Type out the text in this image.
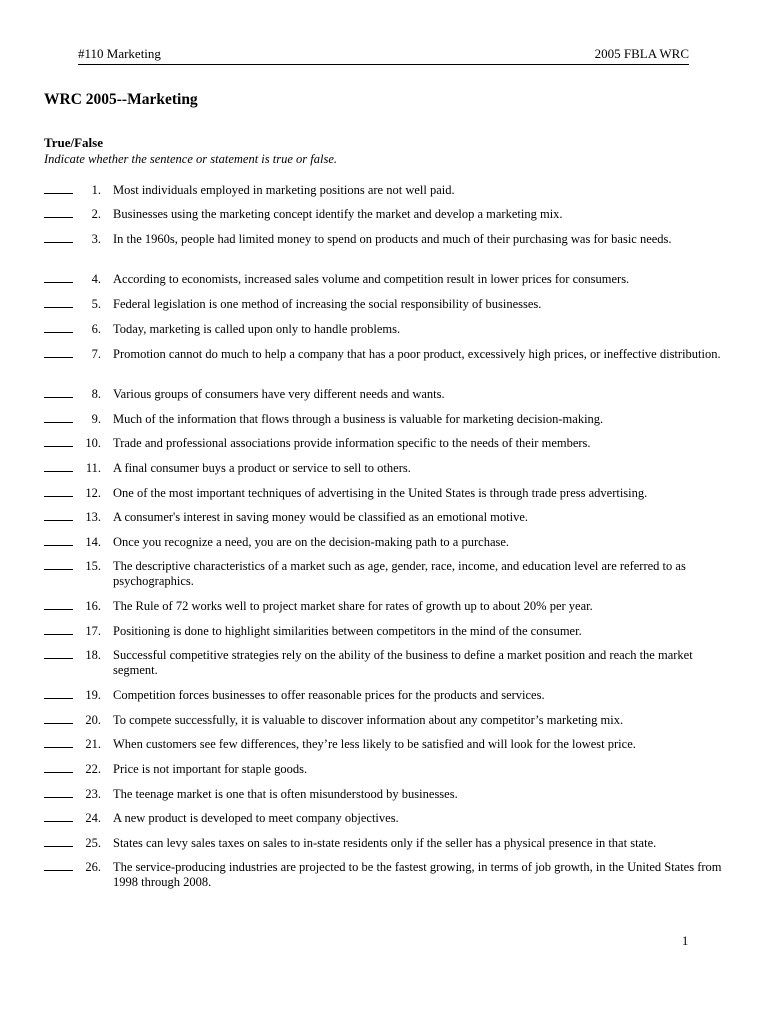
#110 Marketing	2005 FBLA WRC
WRC 2005--Marketing
True/False
Indicate whether the sentence or statement is true or false.
1. Most individuals employed in marketing positions are not well paid.
2. Businesses using the marketing concept identify the market and develop a marketing mix.
3. In the 1960s, people had limited money to spend on products and much of their purchasing was for basic needs.
4. According to economists, increased sales volume and competition result in lower prices for consumers.
5. Federal legislation is one method of increasing the social responsibility of businesses.
6. Today, marketing is called upon only to handle problems.
7. Promotion cannot do much to help a company that has a poor product, excessively high prices, or ineffective distribution.
8. Various groups of consumers have very different needs and wants.
9. Much of the information that flows through a business is valuable for marketing decision-making.
10. Trade and professional associations provide information specific to the needs of their members.
11. A final consumer buys a product or service to sell to others.
12. One of the most important techniques of advertising in the United States is through trade press advertising.
13. A consumer's interest in saving money would be classified as an emotional motive.
14. Once you recognize a need, you are on the decision-making path to a purchase.
15. The descriptive characteristics of a market such as age, gender, race, income, and education level are referred to as psychographics.
16. The Rule of 72 works well to project market share for rates of growth up to about 20% per year.
17. Positioning is done to highlight similarities between competitors in the mind of the consumer.
18. Successful competitive strategies rely on the ability of the business to define a market position and reach the market segment.
19. Competition forces businesses to offer reasonable prices for the products and services.
20. To compete successfully, it is valuable to discover information about any competitor’s marketing mix.
21. When customers see few differences, they’re less likely to be satisfied and will look for the lowest price.
22. Price is not important for staple goods.
23. The teenage market is one that is often misunderstood by businesses.
24. A new product is developed to meet company objectives.
25. States can levy sales taxes on sales to in-state residents only if the seller has a physical presence in that state.
26. The service-producing industries are projected to be the fastest growing, in terms of job growth, in the United States from 1998 through 2008.
1
